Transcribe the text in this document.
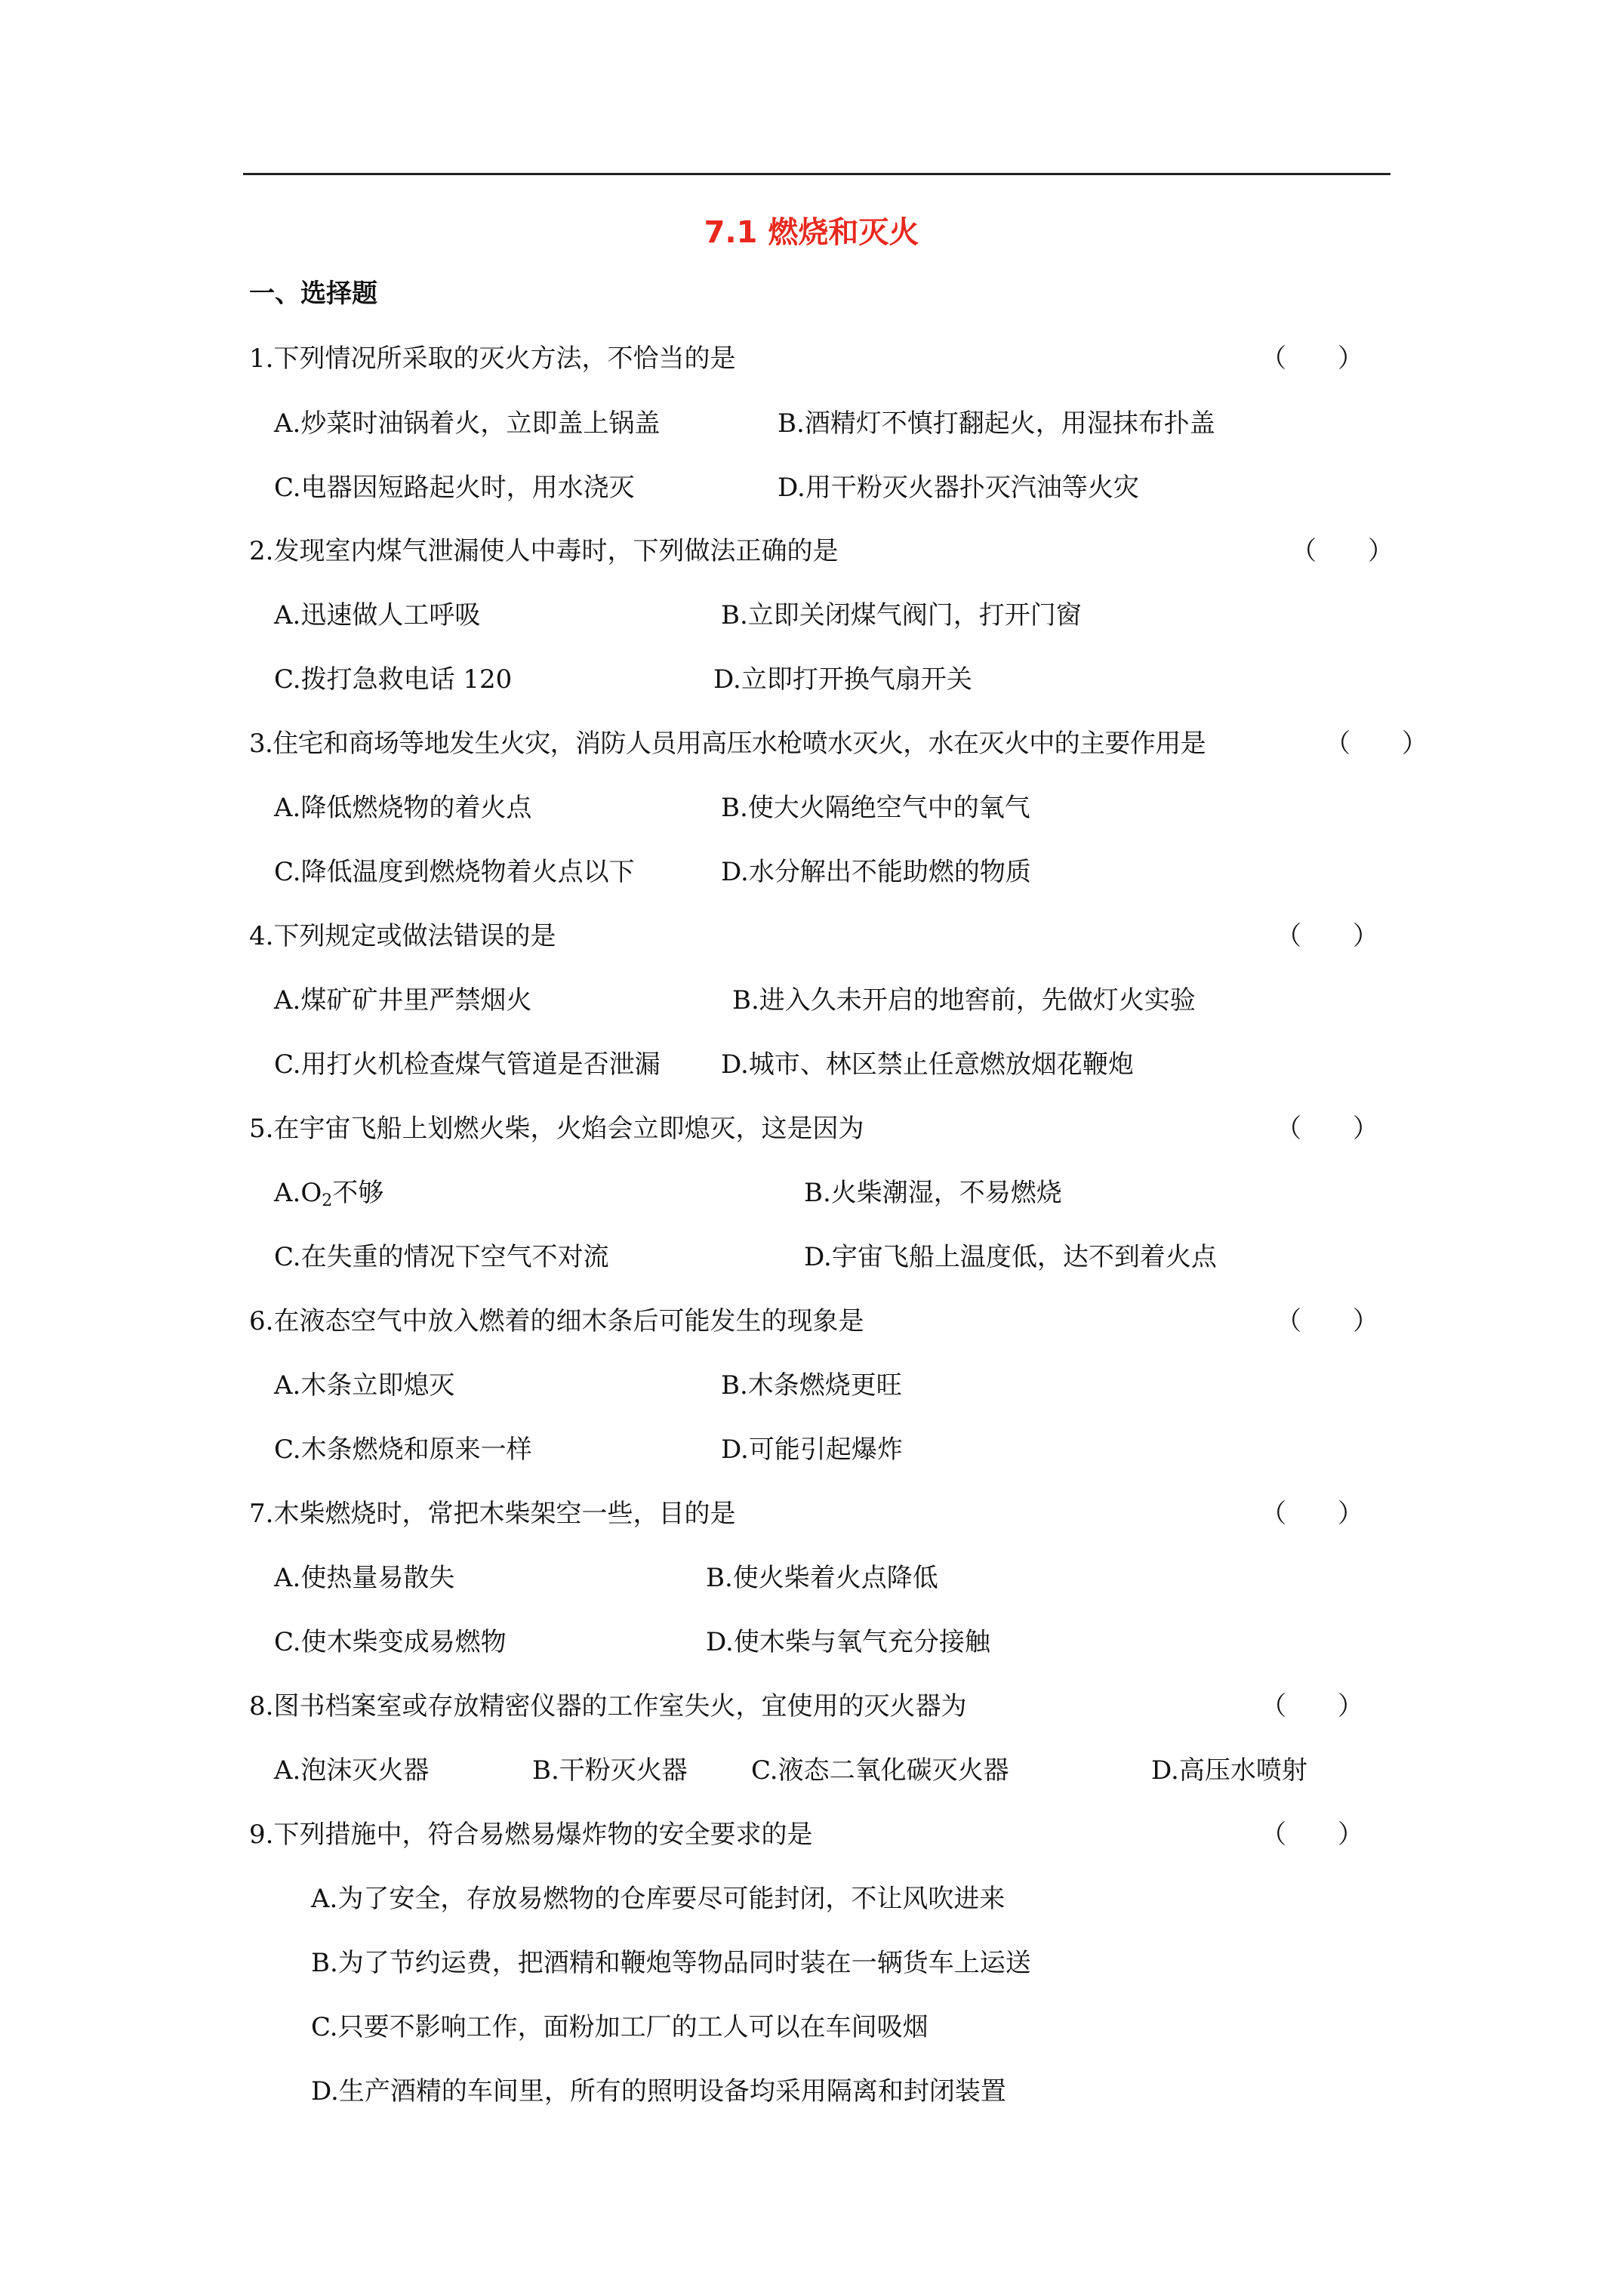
7.1 燃烧和灭火
一、选择题
1.下列情况所采取的灭火方法，不恰当的是	（　　）
A.炒菜时油锅着火，立即盖上锅盖	B.酒精灯不慎打翻起火，用湿抹布扑盖
C.电器因短路起火时，用水浇灭	D.用干粉灭火器扑灭汽油等火灾
2.发现室内煤气泄漏使人中毒时，下列做法正确的是	（　　）
A.迅速做人工呼吸	B.立即关闭煤气阀门，打开门窗
C.拨打急救电话 120	D.立即打开换气扇开关
3.住宅和商场等地发生火灾，消防人员用高压水枪喷水灭火，水在灭火中的主要作用是	（　　）
A.降低燃烧物的着火点	B.使大火隔绝空气中的氧气
C.降低温度到燃烧物着火点以下	D.水分解出不能助燃的物质
4.下列规定或做法错误的是	（　　）
A.煤矿矿井里严禁烟火	B.进入久未开启的地窖前，先做灯火实验
C.用打火机检查煤气管道是否泄漏 D.城市、林区禁止任意燃放烟花鞭炮
5.在宇宙飞船上划燃火柴，火焰会立即熄灭，这是因为	（　　）
$A.O_2$不够	B.火柴潮湿，不易燃烧
C.在失重的情况下空气不对流	D.宇宙飞船上温度低，达不到着火点
6.在液态空气中放入燃着的细木条后可能发生的现象是	（　　）
A.木条立即熄灭	B.木条燃烧更旺
C.木条燃烧和原来一样	D.可能引起爆炸
7.木柴燃烧时，常把木柴架空一些，目的是	（　　）
A.使热量易散失	B.使火柴着火点降低
C.使木柴变成易燃物	D.使木柴与氧气充分接触
8.图书档案室或存放精密仪器的工作室失火，宜使用的灭火器为	（　　）
A.泡沫灭火器	B.干粉灭火器 C.液态二氧化碳灭火器	D.高压水喷射
9.下列措施中，符合易燃易爆炸物的安全要求的是	（　　）
A.为了安全，存放易燃物的仓库要尽可能封闭，不让风吹进来
B.为了节约运费，把酒精和鞭炮等物品同时装在一辆货车上运送
C.只要不影响工作，面粉加工厂的工人可以在车间吸烟
D.生产酒精的车间里，所有的照明设备均采用隔离和封闭装置
